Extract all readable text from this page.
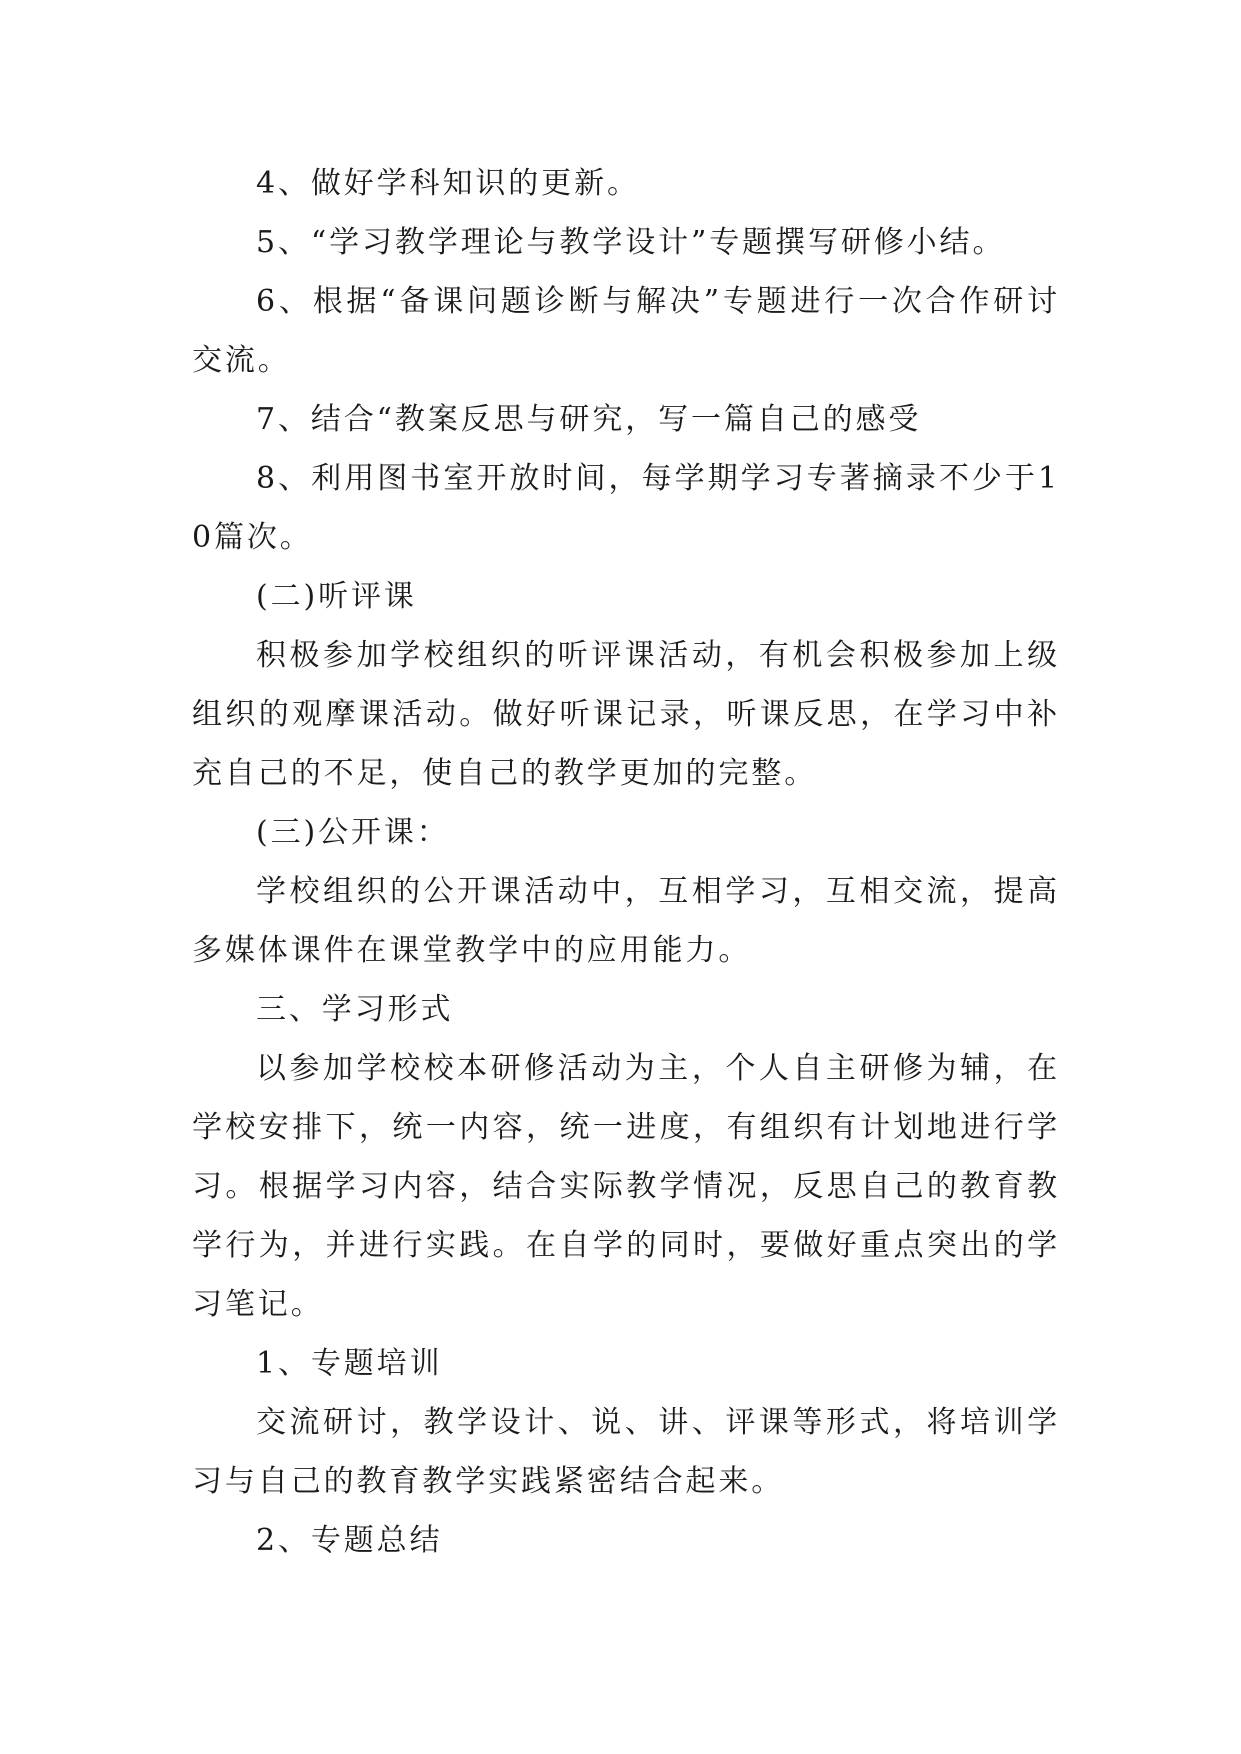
4、做好学科知识的更新。

5、“学习教学理论与教学设计”专题撰写研修小结。

6、根据“备课问题诊断与解决”专题进行一次合作研讨交流。

7、结合“教案反思与研究，写一篇自己的感受

8、利用图书室开放时间，每学期学习专著摘录不少于10篇次。

(二)听评课

积极参加学校组织的听评课活动，有机会积极参加上级组织的观摩课活动。做好听课记录，听课反思，在学习中补充自己的不足，使自己的教学更加的完整。

(三)公开课：

学校组织的公开课活动中，互相学习，互相交流，提高多媒体课件在课堂教学中的应用能力。

三、学习形式

以参加学校校本研修活动为主，个人自主研修为辅，在学校安排下，统一内容，统一进度，有组织有计划地进行学习。根据学习内容，结合实际教学情况，反思自己的教育教学行为，并进行实践。在自学的同时，要做好重点突出的学习笔记。

1、专题培训

交流研讨，教学设计、说、讲、评课等形式，将培训学习与自己的教育教学实践紧密结合起来。

2、专题总结
